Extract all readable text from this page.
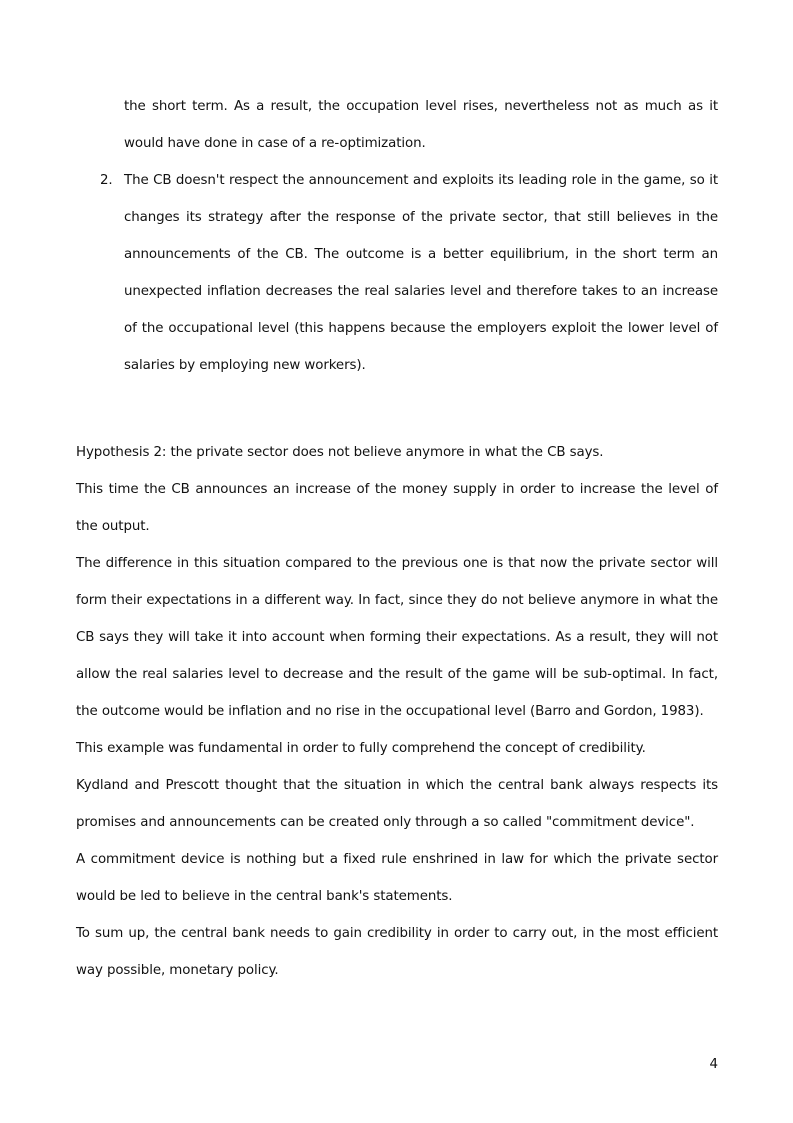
the short term. As a result, the occupation level rises, nevertheless not as much as it would have done in case of a re-optimization.

2. The CB doesn't respect the announcement and exploits its leading role in the game, so it changes its strategy after the response of the private sector, that still believes in the announcements of the CB. The outcome is a better equilibrium, in the short term an unexpected inflation decreases the real salaries level and therefore takes to an increase of the occupational level (this happens because the employers exploit the lower level of salaries by employing new workers).

Hypothesis 2: the private sector does not believe anymore in what the CB says.

This time the CB announces an increase of the money supply in order to increase the level of the output.

The difference in this situation compared to the previous one is that now the private sector will form their expectations in a different way. In fact, since they do not believe anymore in what the CB says they will take it into account when forming their expectations. As a result, they will not allow the real salaries level to decrease and the result of the game will be sub-optimal. In fact, the outcome would be inflation and no rise in the occupational level (Barro and Gordon, 1983).

This example was fundamental in order to fully comprehend the concept of credibility.

Kydland and Prescott thought that the situation in which the central bank always respects its promises and announcements can be created only through a so called "commitment device".

A commitment device is nothing but a fixed rule enshrined in law for which the private sector would be led to believe in the central bank's statements.

To sum up, the central bank needs to gain credibility in order to carry out, in the most efficient way possible, monetary policy.

4
